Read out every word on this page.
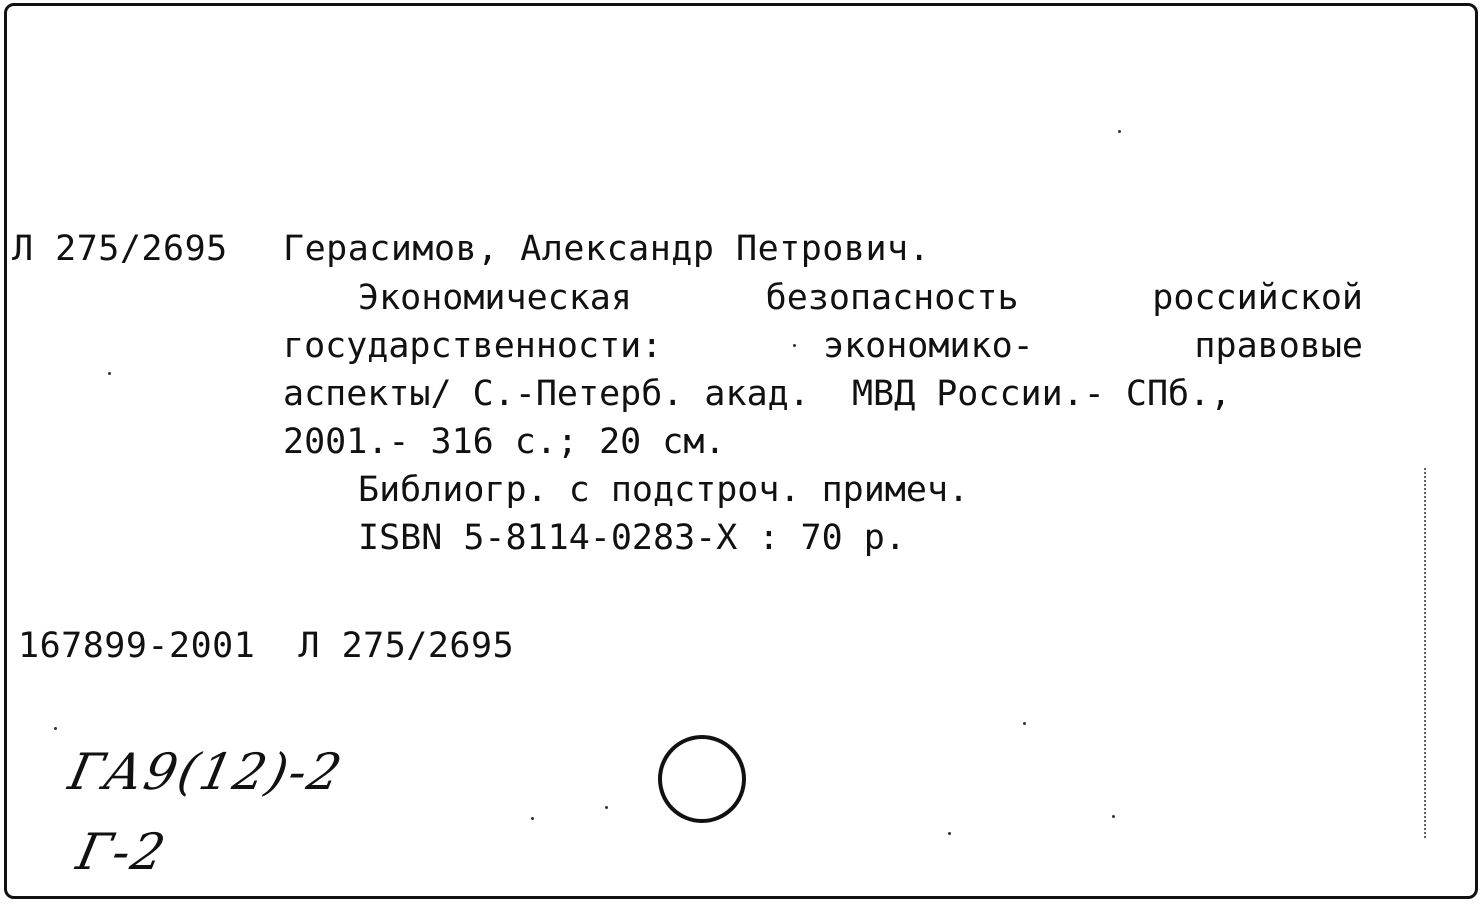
Л 275/2695 Герасимов, Александр Петрович.
Экономическая	безопасность	российской
государственности:	экономико-	правовые
аспекты/ С.-Петерб. акад.  МВД России.- СПб.,
2001.- 316 с.; 20 см.
Библиогр. с подстроч. примеч.
ISBN 5-8114-0283-X : 70 р.
167899-2001  Л 275/2695
ГА9(12)-2
Г-2
